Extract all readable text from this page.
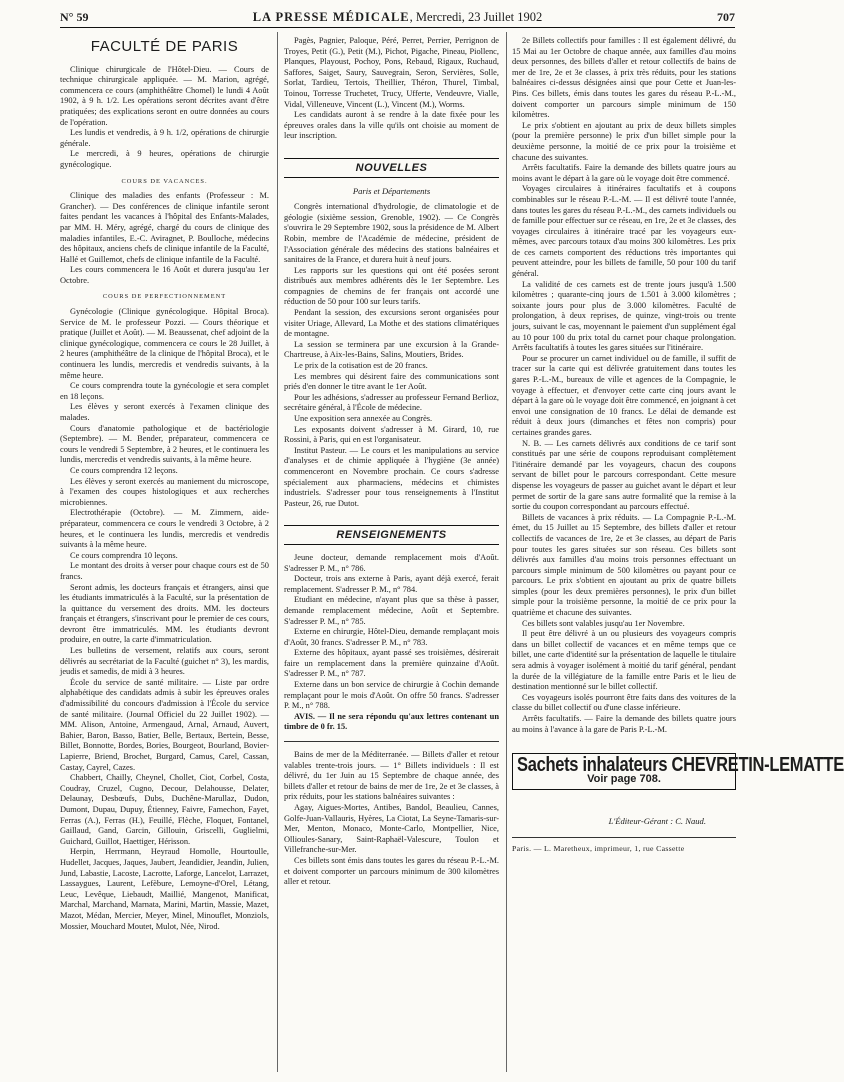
N° 59	LA PRESSE MÉDICALE, Mercredi, 23 Juillet 1902	707
FACULTÉ DE PARIS

Clinique chirurgicale de l'Hôtel-Dieu. — Cours de technique chirurgicale appliquée. — M. Marion, agrégé, commencera ce cours (amphithéâtre Chomel) le lundi 4 Août 1902, à 9 h. 1/2. Les opérations seront décrites avant d'être pratiquées; des explications seront en outre données au cours de l'opération.

Les lundis et vendredis, à 9 h. 1/2, opérations de chirurgie générale.

Le mercredi, à 9 heures, opérations de chirurgie gynécologique.

COURS DE VACANCES.

Clinique des maladies des enfants (Professeur : M. Grancher). — Des conférences de clinique infantile seront faites pendant les vacances à l'hôpital des Enfants-Malades, par MM. H. Méry, agrégé, chargé du cours de clinique des maladies infantiles, E.-C. Aviragnet, P. Boulloche, médecins des hôpitaux, anciens chefs de clinique infantile de la Faculté, Hallé et Guillemot, chefs de clinique infantile de la Faculté.

Les cours commencera le 16 Août et durera jusqu'au 1er Octobre.

COURS DE PERFECTIONNEMENT

Gynécologie (Clinique gynécologique. Hôpital Broca). Service de M. le professeur Pozzi. — Cours théorique et pratique (Juillet et Août). — M. Beaussenat, chef adjoint de la clinique gynécologique, commencera ce cours le 28 Juillet, à 2 heures (amphithéâtre de la clinique de l'hôpital Broca), et le continuera les lundis, mercredis et vendredis suivants, à la même heure.

Ce cours comprendra toute la gynécologie et sera complet en 18 leçons.

Les élèves y seront exercés à l'examen clinique des malades.

Cours d'anatomie pathologique et de bactériologie (Septembre). — M. Bender, préparateur, commencera ce cours le vendredi 5 Septembre, à 2 heures, et le continuera les lundis, mercredis et vendredis suivants, à la même heure.

Ce cours comprendra 12 leçons.

Les élèves y seront exercés au maniement du microscope, à l'examen des coupes histologiques et aux recherches microbiennes.

Electrothérapie (Octobre). — M. Zimmern, aide-préparateur, commencera ce cours le vendredi 3 Octobre, à 2 heures, et le continuera les lundis, mercredis et vendredis suivants à la même heure.

Ce cours comprendra 10 leçons.

Le montant des droits à verser pour chaque cours est de 50 francs.

Seront admis, les docteurs français et étrangers, ainsi que les étudiants immatriculés à la Faculté, sur la présentation de la quittance du versement des droits. MM. les docteurs français et étrangers, s'inscrivant pour le premier de ces cours, devront être immatriculés. MM. les étudiants devront produire, en outre, la carte d'immatriculation.

Les bulletins de versement, relatifs aux cours, seront délivrés au secrétariat de la Faculté (guichet n° 3), les mardis, jeudis et samedis, de midi à 3 heures.

École du service de santé militaire. — Liste par ordre alphabétique des candidats admis à subir les épreuves orales d'admissibilité du concours d'admission à l'École du service de santé militaire. (Journal Officiel du 22 Juillet 1902). — MM. Alison, Antoine, Armengaud, Arnal, Arnaud, Auvert, Bahier, Baron, Basso, Batier, Belle, Bertaux, Bertein, Besse, Billet, Bonnotte, Bordes, Bories, Bourgeot, Bourland, Bovier-Lapierre, Briend, Brochet, Burgard, Camus, Carel, Cassan, Castay, Cayrel, Cazes.

Chabbert, Chailly, Cheynel, Chollet, Ciot, Corbel, Costa, Coudray, Cruzel, Cugno, Decour, Delahousse, Delater, Delaunay, Desbœufs, Dubs, Duchêne-Marullaz, Dudon, Dumont, Dupau, Dupuy, Étienney, Faivre, Famechon, Fayet, Ferras (A.), Ferras (H.), Feuillé, Flèche, Floquet, Fontanel, Gaillaud, Gand, Garcin, Gillouin, Griscelli, Guglielmi, Guichard, Guillot, Haettiger, Hérisson.

Herpin, Herrmann, Heyraud Homolle, Hourtoulle, Hudellet, Jacques, Jaques, Jaubert, Jeandidier, Jeandin, Julien, Jund, Labastie, Lacoste, Lacrotte, Laforge, Lancelot, Larrazet, Lassaygues, Laurent, Lefèbure, Lemoyne-d'Orel, Létang, Leuc, Levêque, Liebaudt, Maillié, Mangenot, Manificat, Marchal, Marchand, Marnata, Marini, Martin, Massie, Mazet, Mazot, Médan, Mercier, Meyer, Minel, Minouflet, Monziols, Mossier, Mouchard Moutet, Mulot, Née, Nirod.

Pagès, Pagnier, Paloque, Péré, Perret, Perrier, Perrignon de Troyes, Petit (G.), Petit (M.), Pichot, Pigache, Pineau, Piollenc, Planques, Playoust, Pochoy, Pons, Rebaud, Rigaux, Ruchaud, Saffores, Saiget, Saury, Sauvegrain, Seron, Servières, Solle, Sorlat, Tardieu, Tertois, Theillier, Théron, Thurel, Timbal, Toinou, Torresse Truchetet, Trucy, Ufferte, Vendeuvre, Vialle, Vidal, Villeneuve, Vincent (L.), Vincent (M.), Worms.

Les candidats auront à se rendre à la date fixée pour les épreuves orales dans la ville qu'ils ont choisie au moment de leur inscription.

NOUVELLES
Paris et Départements

Congrès international d'hydrologie, de climatologie et de géologie (sixième session, Grenoble, 1902). — Ce Congrès s'ouvrira le 29 Septembre 1902, sous la présidence de M. Albert Robin, membre de l'Académie de médecine, président de l'Association générale des médecins des stations balnéaires et sanitaires de la France, et durera huit à neuf jours.

Les rapports sur les questions qui ont été posées seront distribués aux membres adhérents dès le 1er Septembre. Les compagnies de chemins de fer français ont accordé une réduction de 50 pour 100 sur leurs tarifs.

Pendant la session, des excursions seront organisées pour visiter Uriage, Allevard, La Mothe et des stations climatériques de montagne.

La session se terminera par une excursion à la Grande-Chartreuse, à Aix-les-Bains, Salins, Moutiers, Brides.

Le prix de la cotisation est de 20 francs.

Les membres qui désirent faire des communications sont priés d'en donner le titre avant le 1er Août.

Pour les adhésions, s'adresser au professeur Fernand Berlioz, secrétaire général, à l'École de médecine.

Une exposition sera annexée au Congrès.

Les exposants doivent s'adresser à M. Girard, 10, rue Rossini, à Paris, qui en est l'organisateur.

Institut Pasteur. — Le cours et les manipulations au service d'analyses et de chimie appliquée à l'hygiène (3e année) commenceront en Novembre prochain. Ce cours s'adresse spécialement aux pharmaciens, médecins et chimistes industriels. S'adresser pour tous renseignements à l'Institut Pasteur, 26, rue Dutot.

RENSEIGNEMENTS

Jeune docteur, demande remplacement mois d'Août. S'adresser P. M., n° 786.

Docteur, trois ans externe à Paris, ayant déjà exercé, ferait remplacement. S'adresser P. M., n° 784.

Etudiant en médecine, n'ayant plus que sa thèse à passer, demande remplacement médecine, Août et Septembre. S'adresser P. M., n° 785.

Externe en chirurgie, Hôtel-Dieu, demande remplaçant mois d'Août, 30 francs. S'adresser P. M., n° 783.

Externe des hôpitaux, ayant passé ses troisièmes, désirerait faire un remplacement dans la première quinzaine d'Août. S'adresser P. M., n° 787.

Externe dans un bon service de chirurgie à Cochin demande remplaçant pour le mois d'Août. On offre 50 francs. S'adresser P. M., n° 788.

AVIS. — Il ne sera répondu qu'aux lettres contenant un timbre de 0 fr. 15.

Bains de mer de la Méditerranée. — Billets d'aller et retour valables trente-trois jours. — 1° Billets individuels : Il est délivré, du 1er Juin au 15 Septembre de chaque année, des billets d'aller et retour de bains de mer de 1re, 2e et 3e classes, à prix réduits, pour les stations balnéaires suivantes :

Agay, Aigues-Mortes, Antibes, Bandol, Beaulieu, Cannes, Golfe-Juan-Vallauris, Hyères, La Ciotat, La Seyne-Tamaris-sur-Mer, Menton, Monaco, Monte-Carlo, Montpellier, Nice, Ollioules-Sanary, Saint-Raphaël-Valescure, Toulon et Villefranche-sur-Mer.

Ces billets sont émis dans toutes les gares du réseau P.-L.-M. et doivent comporter un parcours minimum de 300 kilomètres aller et retour.

2e Billets collectifs pour familles : Il est également délivré, du 15 Mai au 1er Octobre de chaque année, aux familles d'au moins deux personnes, des billets d'aller et retour collectifs de bains de mer de 1re, 2e et 3e classes, à prix très réduits, pour les stations balnéaires ci-dessus désignées ainsi que pour Cette et Juan-les-Pins. Ces billets, émis dans toutes les gares du réseau P.-L.-M., doivent comporter un parcours simple minimum de 150 kilomètres.

Le prix s'obtient en ajoutant au prix de deux billets simples (pour la première personne) le prix d'un billet simple pour la deuxième personne, la moitié de ce prix pour la troisième et chacune des suivantes.

Arrêts facultatifs. Faire la demande des billets quatre jours au moins avant le départ à la gare où le voyage doit être commencé.

Voyages circulaires à itinéraires facultatifs et à coupons combinables sur le réseau P.-L.-M. — Il est délivré toute l'année, dans toutes les gares du réseau P.-L.-M., des carnets individuels ou de famille pour effectuer sur ce réseau, en 1re, 2e et 3e classes, des voyages circulaires à itinéraire tracé par les voyageurs eux-mêmes, avec parcours totaux d'au moins 300 kilomètres. Les prix de ces carnets comportent des réductions très importantes qui peuvent atteindre, pour les billets de famille, 50 pour 100 du tarif général.

La validité de ces carnets est de trente jours jusqu'à 1.500 kilomètres ; quarante-cinq jours de 1.501 à 3.000 kilomètres ; soixante jours pour plus de 3.000 kilomètres. Faculté de prolongation, à deux reprises, de quinze, vingt-trois ou trente jours, suivant le cas, moyennant le paiement d'un supplément égal au 10 pour 100 du prix total du carnet pour chaque prolongation. Arrêts facultatifs à toutes les gares situées sur l'itinéraire.

Pour se procurer un carnet individuel ou de famille, il suffit de tracer sur la carte qui est délivrée gratuitement dans toutes les gares P.-L.-M., bureaux de ville et agences de la Compagnie, le voyage à effectuer, et d'envoyer cette carte cinq jours avant le départ à la gare où le voyage doit être commencé, en joignant à cet envoi une consignation de 10 francs. Le délai de demande est réduit à deux jours (dimanches et fêtes non compris) pour certaines grandes gares.

N. B. — Les carnets délivrés aux conditions de ce tarif sont constitués par une série de coupons reproduisant complètement l'itinéraire demandé par les voyageurs, chacun des coupons servant de billet pour le parcours correspondant. Cette mesure dispense les voyageurs de passer au guichet avant le départ et leur permet de sortir de la gare sans autre formalité que la remise à la sortie du coupon correspondant au parcours effectué.

Billets de vacances à prix réduits. — La Compagnie P.-L.-M. émet, du 15 Juillet au 15 Septembre, des billets d'aller et retour collectifs de vacances de 1re, 2e et 3e classes, au départ de Paris pour toutes les gares situées sur son réseau. Ces billets sont délivrés aux familles d'au moins trois personnes effectuant un parcours simple minimum de 500 kilomètres ou payant pour ce parcours. Le prix s'obtient en ajoutant au prix de quatre billets simples (pour les deux premières personnes), le prix d'un billet simple pour la troisième personne, la moitié de ce prix pour la quatrième et chacune des suivantes.

Ces billets sont valables jusqu'au 1er Novembre.

Il peut être délivré à un ou plusieurs des voyageurs compris dans un billet collectif de vacances et en même temps que ce billet, une carte d'identité sur la présentation de laquelle le titulaire sera admis à voyager isolément à moitié du tarif général, pendant la durée de la villégiature de la famille entre Paris et le lieu de destination mentionné sur le billet collectif.

Ces voyageurs isolés pourront être faits dans des voitures de la classe du billet collectif ou d'une classe inférieure.

Arrêts facultatifs. — Faire la demande des billets quatre jours au moins à l'avance à la gare de Paris P.-L.-M.

Sachets inhalateurs CHEVRETIN-LEMATTE
Voir page 708.
L'Éditeur-Gérant : C. Naud.
Paris. — L. Maretheux, imprimeur, 1, rue Cassette
